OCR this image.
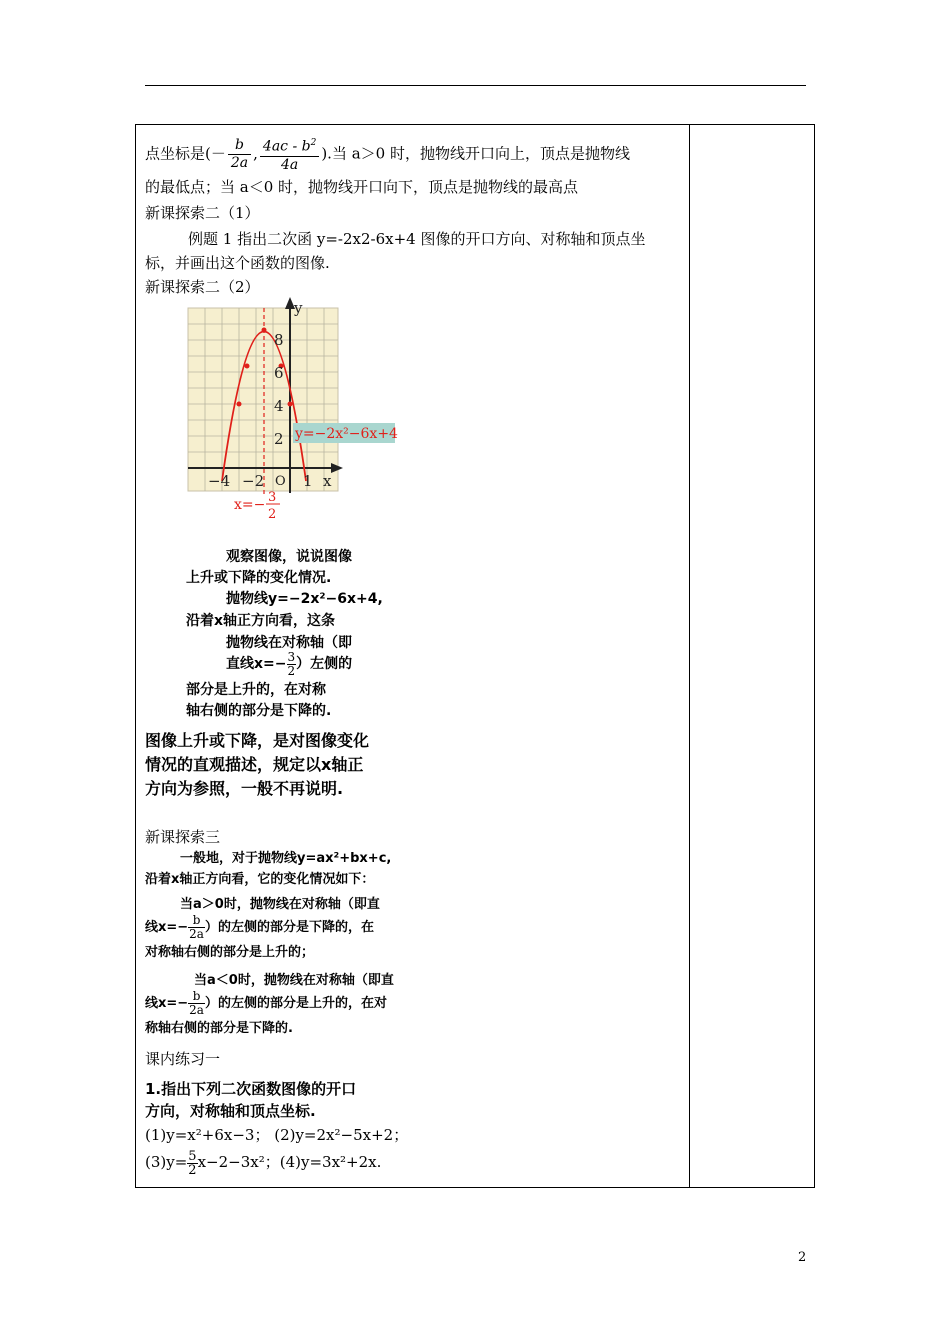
点坐标是(－ $\frac{b}{2a}$ , $\frac{4ac - b^2}{4a}$ ).当 a＞0 时，抛物线开口向上，顶点是抛物线
的最低点；当 a＜0 时，抛物线开口向下，顶点是抛物线的最高点
新课探索二（1）
例题 1 指出二次函 y=-2x2-6x+4 图像的开口方向、对称轴和顶点坐
标，并画出这个函数的图像.
新课探索二（2）
y
x
O
8
6
4
2
−4 −2	1
y=−2x²−6x+4
x=− 3
2
观察图像，说说图像
上升或下降的变化情况.
抛物线y=−2x²−6x+4,
沿着x轴正方向看，这条
抛物线在对称轴（即
直线$x=- \frac{3}{2}$ ）左侧的
部分是上升的，在对称
轴右侧的部分是下降的.
图像上升或下降，是对图像变化
情况的直观描述，规定以x轴正
方向为参照，一般不再说明.
新课探索三
一般地，对于抛物线y=ax²+bx+c,
沿着x轴正方向看，它的变化情况如下：
当a＞0时，抛物线在对称轴（即直
线$x=- \frac{b}{2a}$ ）的左侧的部分是下降的，在
对称轴右侧的部分是上升的；
当a＜0时，抛物线在对称轴（即直
线$x=- \frac{b}{2a}$ ）的左侧的部分是上升的，在对
称轴右侧的部分是下降的.
课内练习一
1.指出下列二次函数图像的开口
方向，对称轴和顶点坐标.
(1)y=x²+6x−3； (2)y=2x²−5x+2；
$(3)y= \frac{5}{2} x-2-3x^2$；(4)y=3x²+2x.
2
